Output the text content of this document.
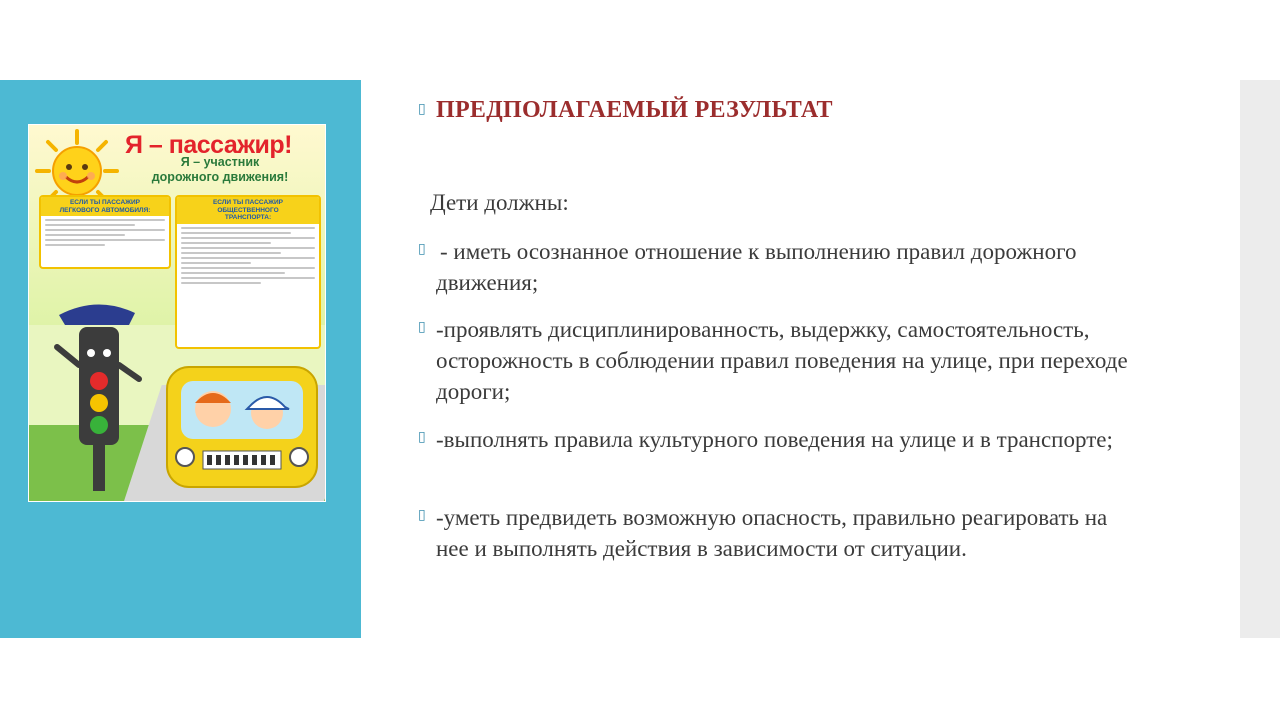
Я – пассажир!
Я – участник
дорожного движения!
ЕСЛИ ТЫ ПАССАЖИР
ЛЕГКОВОГО АВТОМОБИЛЯ:
ЕСЛИ ТЫ ПАССАЖИР
ОБЩЕСТВЕННОГО
ТРАНСПОРТА:
▯ ПРЕДПОЛАГАЕМЫЙ РЕЗУЛЬТАТ
Дети должны:
▯ - иметь осознанное отношение к выполнению правил дорожного движения;
▯ -проявлять дисциплинированность, выдержку, самостоятельность, осторожность в соблюдении правил поведения на улице, при переходе дороги;
▯ -выполнять правила культурного поведения на улице и в транспорте;
▯ -уметь предвидеть возможную опасность, правильно реагировать на нее и выполнять действия в зависимости от ситуации.
